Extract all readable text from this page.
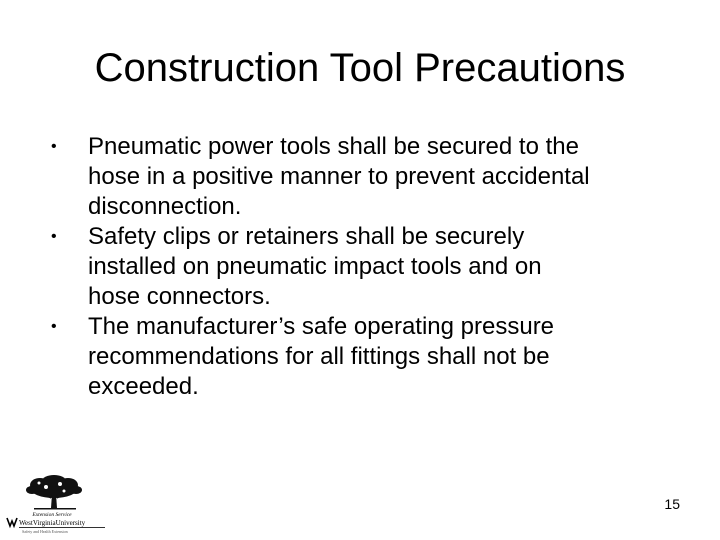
Construction Tool Precautions
• Pneumatic power tools shall be secured to the
hose in a positive manner to prevent accidental
disconnection.
• Safety clips or retainers shall be securely
installed on pneumatic impact tools and on
hose connectors.
• The manufacturer’s safe operating pressure
recommendations for all fittings shall not be
exceeded.
Extension Service
WestVirginiaUniversity
Safety and Health Extension
15
